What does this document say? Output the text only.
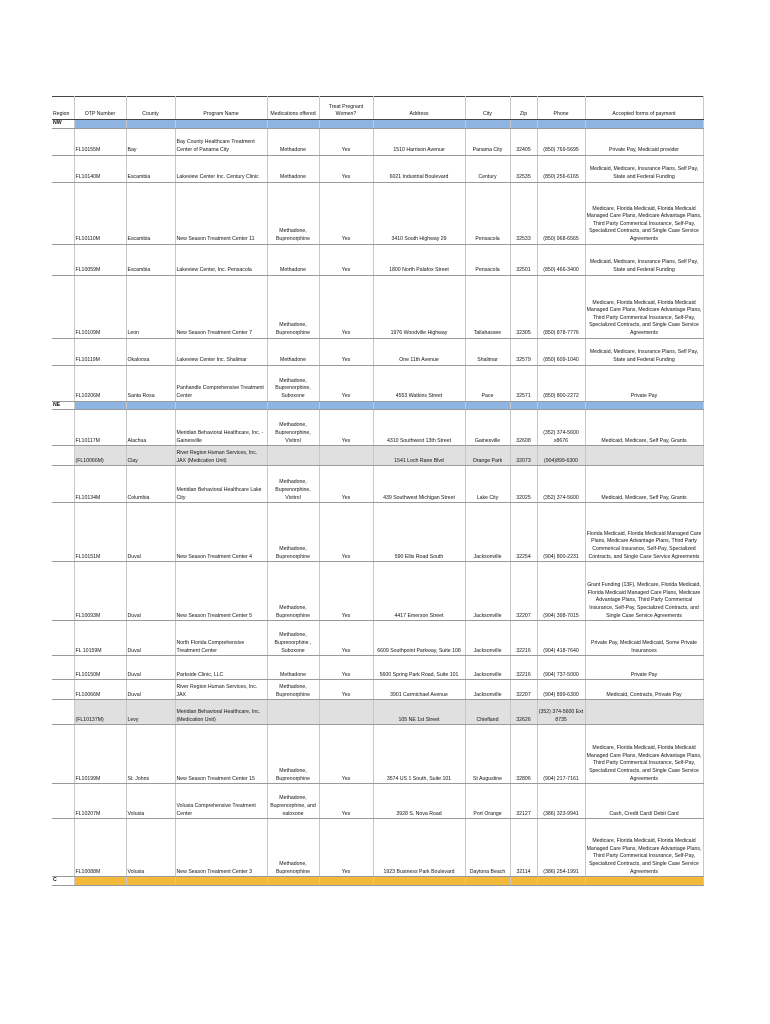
Region	OTP Number	County	Program Name	Medications offered	Treat Pregnant Women?	Address	City	Zip	Phone	Accepted forms of payment
NW										
	FL10155M	Bay	Bay County Healthcare Treatment Center of Panama City	Methadone	Yes	1510 Harrison Avenue	Panama City	32405	(850) 769-5695	Private Pay, Medicaid provider
	FL10140M	Escambia	Lakeview Center Inc. Century Clinic	Methadone	Yes	6021 Industrial Boulevard	Century	32535	(850) 256-6165	Medicaid, Medicare, Insurance Plans, Self Pay, State and Federal Funding
	FL10110M	Escambia	New Season Treatment Center 11	Methadone, Buprenorphine	Yes	3410 South Highway 29	Pensacola	32533	(850) 968-6565	Medicare, Florida Medicaid, Florida Medicaid Managed Care Plans, Medicare Advantage Plans, Third Party Commerical Insurance, Self-Pay, Specialized Contracts, and Single Case Service Agreements
	FL10059M	Escambia	Lakeview Center, Inc. Pensacola	Methadone	Yes	1800 North Palafox Street	Pensacola	32501	(850) 466-3400	Medicaid, Medicare, Insurance Plans, Self Pay, State and Federal Funding
	FL10109M	Leon	New Season Treatment Center 7	Methadone, Buprenorphine	Yes	1976 Woodville Highway	Tallahassee	32305	(850) 878-7776	Medicare, Florida Medicaid, Florida Medicaid Managed Care Plans, Medicare Advantage Plans, Third Party Commerical Insurance, Self-Pay, Specialized Contracts, and Single Case Service Agreements
	FL10119M	Okaloosa	Lakeview Center Inc. Shalimar	Methadone	Yes	One 11th Avenue	Shalimar	32579	(850) 609-1040	Medicaid, Medicare, Insurance Plans, Self Pay, State and Federal Funding
	FL10206M	Santa Rosa	Panhandle Comprehensive Treatment Center	Methadone, Buprenorphine, Suboxone	Yes	4553 Watkins Street	Pace	32571	(850) 800-2272	Private Pay
NE										
	FL10117M	Alachua	Meridian Behavioral Healthcare, Inc. - Gainesville	Methadone, Buprenorphine, Vivitrol	Yes	4310 Southwest 13th Street	Gainesville	32608	(352) 374-5600 x8676	Medicaid, Medicare, Self Pay, Grants
	(FL10066M)	Clay	River Region Human Services, Inc. JAX (Medication Unit)			1541 Loch Rane Blvd	Orange Park	32073	(904)899-6300	
	FL10134M	Columbia	Meridian Behavioral Healthcare Lake City	Methadone, Buprenorphine, Vivitrol	Yes	439 Southwest Michigan Street	Lake City	32025	(352) 374-5600	Medicaid, Medicare, Self Pay, Grants
	FL10151M	Duval	New Season Treatment Center 4	Methadone, Buprenorphine	Yes	590 Ellis Road South	Jacksonville	32254	(904) 800-2231	Florida Medicaid, Florida Medicaid Managed Care Plans, Medicare Advantage Plans, Third Party Commerical Insurance, Self-Pay, Specialized Contracts, and Single Case Service Agreements
	FL10093M	Duval	New Season Treatment Center 5	Methadone, Buprenorphine	Yes	4417 Emerson Street	Jacksonville	32207	(904) 398-7015	Grant Funding (13F), Medicare, Florida Medicaid, Florida Medicaid Managed Care Plans, Medicare Advantage Plans, Third Party Commerical Insurance, Self-Pay, Specialized Contracts, and Single Case Service Agreements
	FL 10159M	Duval	North Florida Comprehensive Treatment Center	Methadone, Buprenorphine , Suboxone	Yes	6609 Southpoint Parkway, Suite 108	Jacksonville	32216	(904) 418-7640	Private Pay, Medicaid Medicaid, Some Private Insurances
	FL10150M	Duval	Parkside Clinic, LLC	Methadone	Yes	5600 Spring Park Road, Suite 101	Jacksonville	32216	(904) 737-5000	Private Pay
	FL10066M	Duval	River Region Human Services, Inc. JAX	Methadone, Buprenorphine	Yes	3901 Carmichael Avenue	Jacksonville	32207	(904) 899-6300	Medicaid, Contracts, Private Pay
	(FL10137M)	Levy	Meridian Behavioral Healthcare, Inc. (Medication Unit)			105 NE 1st Street	Chiefland	32626	(352) 374-5600 Ext 8735	
	FL10199M	St. Johns	New Season Treatment Center 15	Methadone, Buprenorphine	Yes	3574 US 1 South, Suite 101	St Augustine	32806	(904) 217-7161	Medicare, Florida Medicaid, Florida Medicaid Managed Care Plans, Medicare Advantage Plans, Third Party Commerical Insurance, Self-Pay, Specialized Contracts, and Single Case Service Agreements
	FL10207M	Volusia	Volusia Comprehensive Treatment Center	Methadone, Buprenorphine, and naloxone	Yes	3928 S. Nova Road	Port Orange	32127	(386) 323-9941	Cash, Credit Card/ Debit Card
	FL10088M	Volusia	New Season Treatment Center 3	Methadone, Buprenorphine	Yes	1923 Business Park Boulevard	Daytona Beach	32114	(386) 254-1991	Medicare, Florida Medicaid, Florida Medicaid Managed Care Plans, Medicare Advantage Plans, Third Party Commerical Insurance, Self-Pay, Specialized Contracts, and Single Case Service Agreements
C										
